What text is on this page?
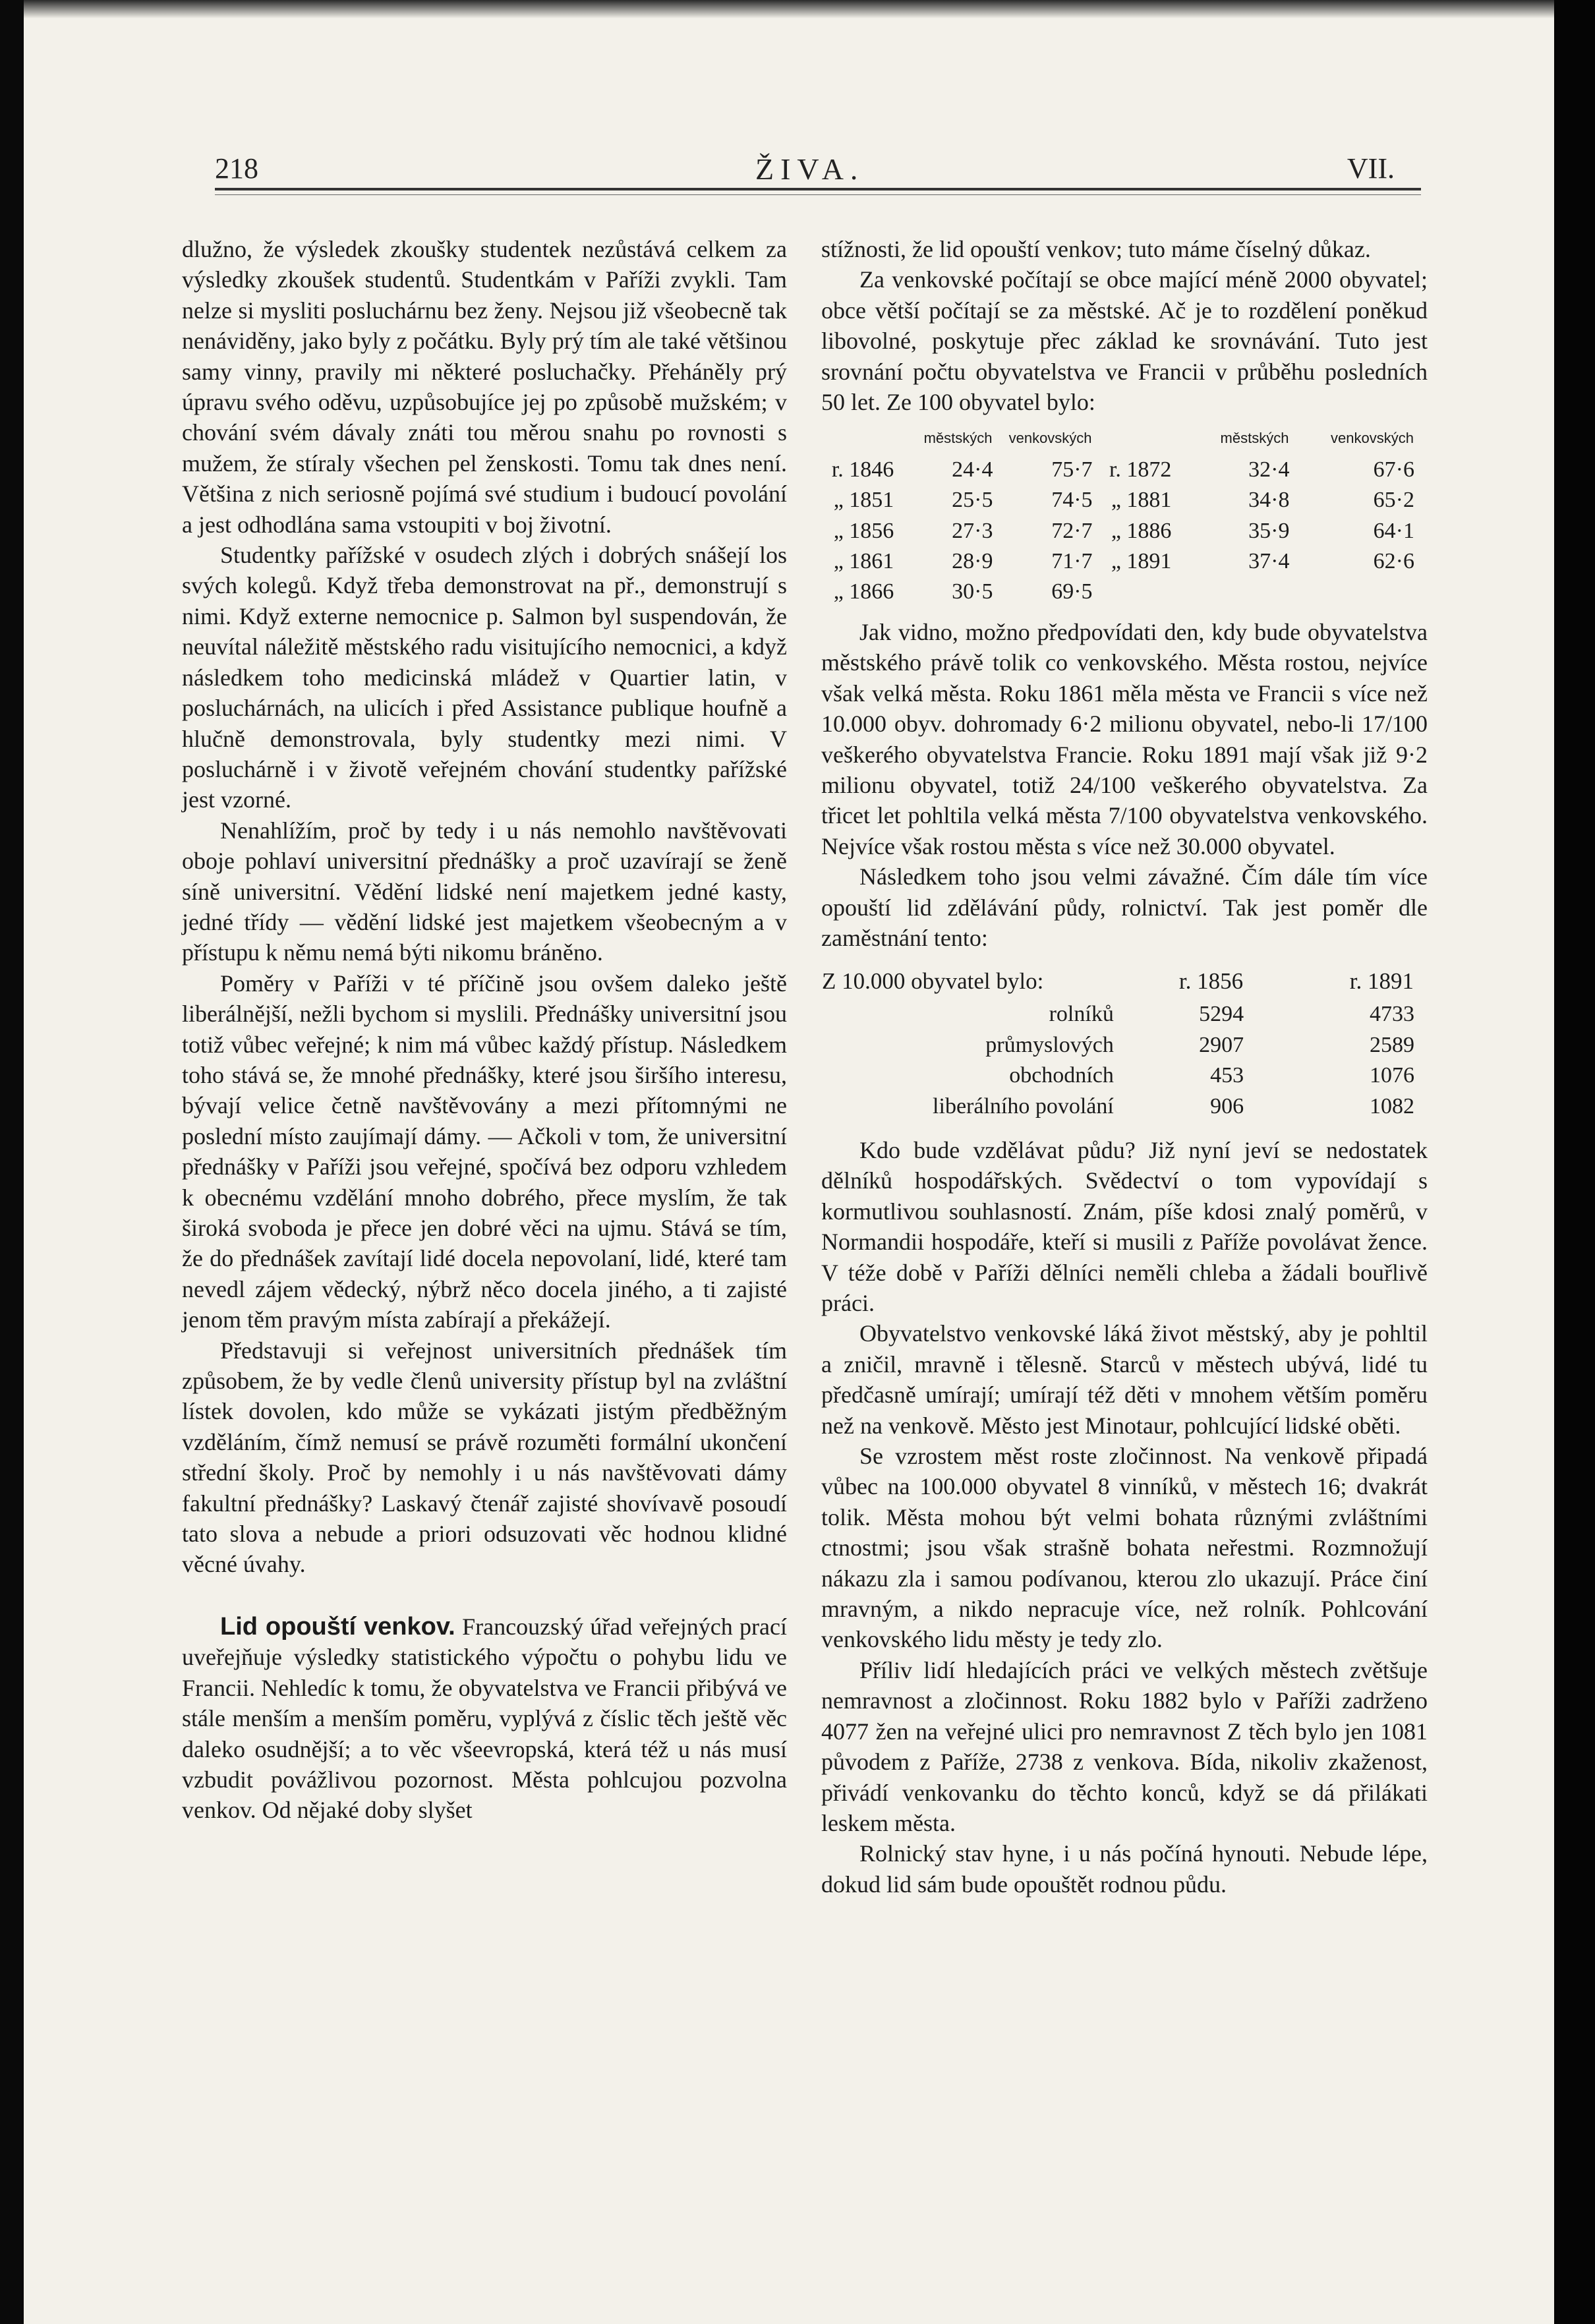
218	ŽIVA.	VII.

dlužno, že výsledek zkoušky studentek nezůstává celkem za výsledky zkoušek studentů. Studentkám v Paříži zvykli. Tam nelze si mysliti posluchárnu bez ženy. Nejsou již všeobecně tak nenáviděny, jako byly z počátku. Byly prý tím ale také většinou samy vinny, pravily mi některé posluchačky. Přeháněly prý úpravu svého oděvu, uzpůsobujíce jej po způsobě mužském; v chování svém dávaly znáti tou měrou snahu po rovnosti s mužem, že stíraly všechen pel ženskosti. Tomu tak dnes není. Většina z nich seriosně pojímá své studium i budoucí povolání a jest odhodlána sama vstoupiti v boj životní.

Studentky pařížské v osudech zlých i dobrých snášejí los svých kolegů. Když třeba demonstrovat na př., demonstrují s nimi. Když externe nemocnice p. Salmon byl suspendován, že neuvítal náležitě městského radu visitujícího nemocnici, a když následkem toho medicinská mládež v Quartier latin, v posluchárnách, na ulicích i před Assistance publique houfně a hlučně demonstrovala, byly studentky mezi nimi. V posluchárně i v životě veřejném chování studentky pařížské jest vzorné.

Nenahlížím, proč by tedy i u nás nemohlo navštěvovati oboje pohlaví universitní přednášky a proč uzavírají se ženě síně universitní. Vědění lidské není majetkem jedné kasty, jedné třídy — vědění lidské jest majetkem všeobecným a v přístupu k němu nemá býti nikomu bráněno.

Poměry v Paříži v té příčině jsou ovšem daleko ještě liberálnější, nežli bychom si myslili. Přednášky universitní jsou totiž vůbec veřejné; k nim má vůbec každý přístup. Následkem toho stává se, že mnohé přednášky, které jsou širšího interesu, bývají velice četně navštěvovány a mezi přítomnými ne poslední místo zaujímají dámy. — Ačkoli v tom, že universitní přednášky v Paříži jsou veřejné, spočívá bez odporu vzhledem k obecnému vzdělání mnoho dobrého, přece myslím, že tak široká svoboda je přece jen dobré věci na ujmu. Stává se tím, že do přednášek zavítají lidé docela nepovolaní, lidé, které tam nevedl zájem vědecký, nýbrž něco docela jiného, a ti zajisté jenom těm pravým místa zabírají a překážejí.

Představuji si veřejnost universitních přednášek tím způsobem, že by vedle členů university přístup byl na zvláštní lístek dovolen, kdo může se vykázati jistým předběžným vzděláním, čímž nemusí se právě rozuměti formální ukončení střední školy. Proč by nemohly i u nás navštěvovati dámy fakultní přednášky? Laskavý čtenář zajisté shovívavě posoudí tato slova a nebude a priori odsuzovati věc hodnou klidné věcné úvahy.

Lid opouští venkov. Francouzský úřad veřejných prací uveřejňuje výsledky statistického výpočtu o pohybu lidu ve Francii. Nehledíc k tomu, že obyvatelstva ve Francii přibývá ve stále menším a menším poměru, vyplývá z číslic těch ještě věc daleko osudnější; a to věc všeevropská, která též u nás musí vzbudit povážlivou pozornost. Města pohlcujou pozvolna venkov. Od nějaké doby slyšet

stížnosti, že lid opouští venkov; tuto máme číselný důkaz.

Za venkovské počítají se obce mající méně 2000 obyvatel; obce větší počítají se za městské. Ač je to rozdělení poněkud libovolné, poskytuje přec základ ke srovnávání. Tuto jest srovnání počtu obyvatelstva ve Francii v průběhu posledních 50 let. Ze 100 obyvatel bylo:

	městských	venkovských		městských	venkovských
r. 1846	24·4	75·7	r. 1872	32·4	67·6
„ 1851	25·5	74·5	„ 1881	34·8	65·2
„ 1856	27·3	72·7	„ 1886	35·9	64·1
„ 1861	28·9	71·7	„ 1891	37·4	62·6
„ 1866	30·5	69·5			

Jak vidno, možno předpovídati den, kdy bude obyvatelstva městského právě tolik co venkovského. Města rostou, nejvíce však velká města. Roku 1861 měla města ve Francii s více než 10.000 obyv. dohromady 6·2 milionu obyvatel, nebo-li 17/100 veškerého obyvatelstva Francie. Roku 1891 mají však již 9·2 milionu obyvatel, totiž 24/100 veškerého obyvatelstva. Za třicet let pohltila velká města 7/100 obyvatelstva venkovského. Nejvíce však rostou města s více než 30.000 obyvatel.

Následkem toho jsou velmi závažné. Čím dále tím více opouští lid zdělávání půdy, rolnictví. Tak jest poměr dle zaměstnání tento:

Z 10.000 obyvatel bylo:	r. 1856	r. 1891
rolníků	5294	4733
průmyslových	2907	2589
obchodních	453	1076
liberálního povolání	906	1082

Kdo bude vzdělávat půdu? Již nyní jeví se nedostatek dělníků hospodářských. Svědectví o tom vypovídají s kormutlivou souhlasností. Znám, píše kdosi znalý poměrů, v Normandii hospodáře, kteří si musili z Paříže povolávat žence. V téže době v Paříži dělníci neměli chleba a žádali bouřlivě práci.

Obyvatelstvo venkovské láká život městský, aby je pohltil a zničil, mravně i tělesně. Starců v městech ubývá, lidé tu předčasně umírají; umírají též děti v mnohem větším poměru než na venkově. Město jest Minotaur, pohlcující lidské oběti.

Se vzrostem měst roste zločinnost. Na venkově připadá vůbec na 100.000 obyvatel 8 vinníků, v městech 16; dvakrát tolik. Města mohou být velmi bohata různými zvláštními ctnostmi; jsou však strašně bohata neřestmi. Rozmnožují nákazu zla i samou podívanou, kterou zlo ukazují. Práce činí mravným, a nikdo nepracuje více, než rolník. Pohlcování venkovského lidu městy je tedy zlo.

Příliv lidí hledajících práci ve velkých městech zvětšuje nemravnost a zločinnost. Roku 1882 bylo v Paříži zadrženo 4077 žen na veřejné ulici pro nemravnost Z těch bylo jen 1081 původem z Paříže, 2738 z venkova. Bída, nikoliv zkaženost, přivádí venkovanku do těchto konců, když se dá přilákati leskem města.

Rolnický stav hyne, i u nás počíná hynouti. Nebude lépe, dokud lid sám bude opouštět rodnou půdu.
